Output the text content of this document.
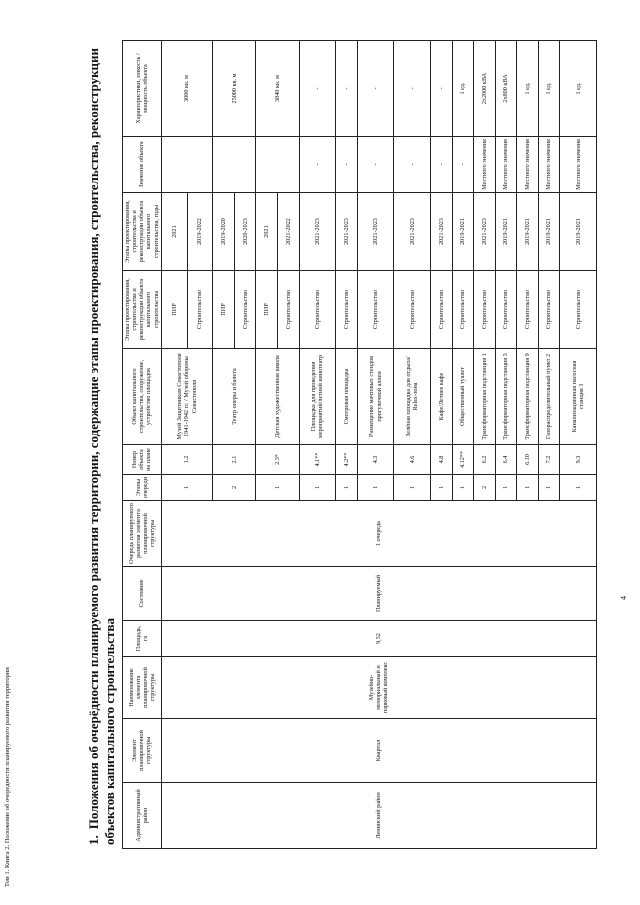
Том 1. Книга 2. Положение об очередности планируемого развития территории	1.Положения об очерёдности планируемого развития территории, содержащие этапы проектирования, строительства, реконструкции
объектов капитального строительства	Административный район	Элемент планировочной структуры	Наименование элемента планировочной структуры	Площадь, га	Состояние	Очередь планируемого развития элемента планировочной структуры	Этапы очереди	Номер объекта на плане	Объект капитального строительства, сооружение, устройство площадок	Этапы проектирования, строительства и реконструкции объекта капитального строительства	Этапы проектирования, строительства и реконструкции объекта капитального строительства, годы	Значение объекта	Характеристики, емкость / мощность объекта
Ленинский район	Квартал	Музейно-мемориальный и парковый комплекс	9,52	Планируемый	1 очередь	1	1.2	Музей Защитникам Севастополя 1941-1942 гг. / Музей обороны Севастополя	ПИР	2021		3000 кв. м
									Строительство	2019-2022		
						2	2.1	Театр оперы и балета	ПИР	2019-2020		25000 кв. м
									Строительство	2020-2023		
						1	2.3*	Детская художественная школа	ПИР	2021		3840 кв. м
									Строительство	2021-2022		
						1	4.1**	Площадка для проведения мероприятий/летний кинотеатр	Строительство	2021-2023	-	-
						1	4.2**	Смотровая площадка	Строительство	2021-2023	-	-
						1	4.3	Размещение мачтовых стендов прогулочной аллеи	Строительство	2021-2023	-	-
						1	4.6	Зелёная площадка для отдыха/ Relax-зона	Строительство	2021-2023	-	-
						1	4.8	Кафе/Летнее кафе	Строительство	2021-2023	-	-
						1	4.12**	Общественный туалет	Строительство	2019-2021	-	1 ед.
						2	6.2	Трансформаторная подстанция 1	Строительство	2021-2023	Местного значения	2х2000 кВА
						1	6.4	Трансформаторная подстанция 3	Строительство	2019-2021	Местного значения	2х800 кВА
						1	6.10	Трансформаторная подстанция 9	Строительство	2019-2021	Местного значения	1 ед.
						1	7.2	Газораспределительный пункт 2	Строительство	2019-2021	Местного значения	1 ед.
						1	9.3	Канализационная насосная станция 3	Строительство	2019-2021	Местного значения	1 ед.
4
